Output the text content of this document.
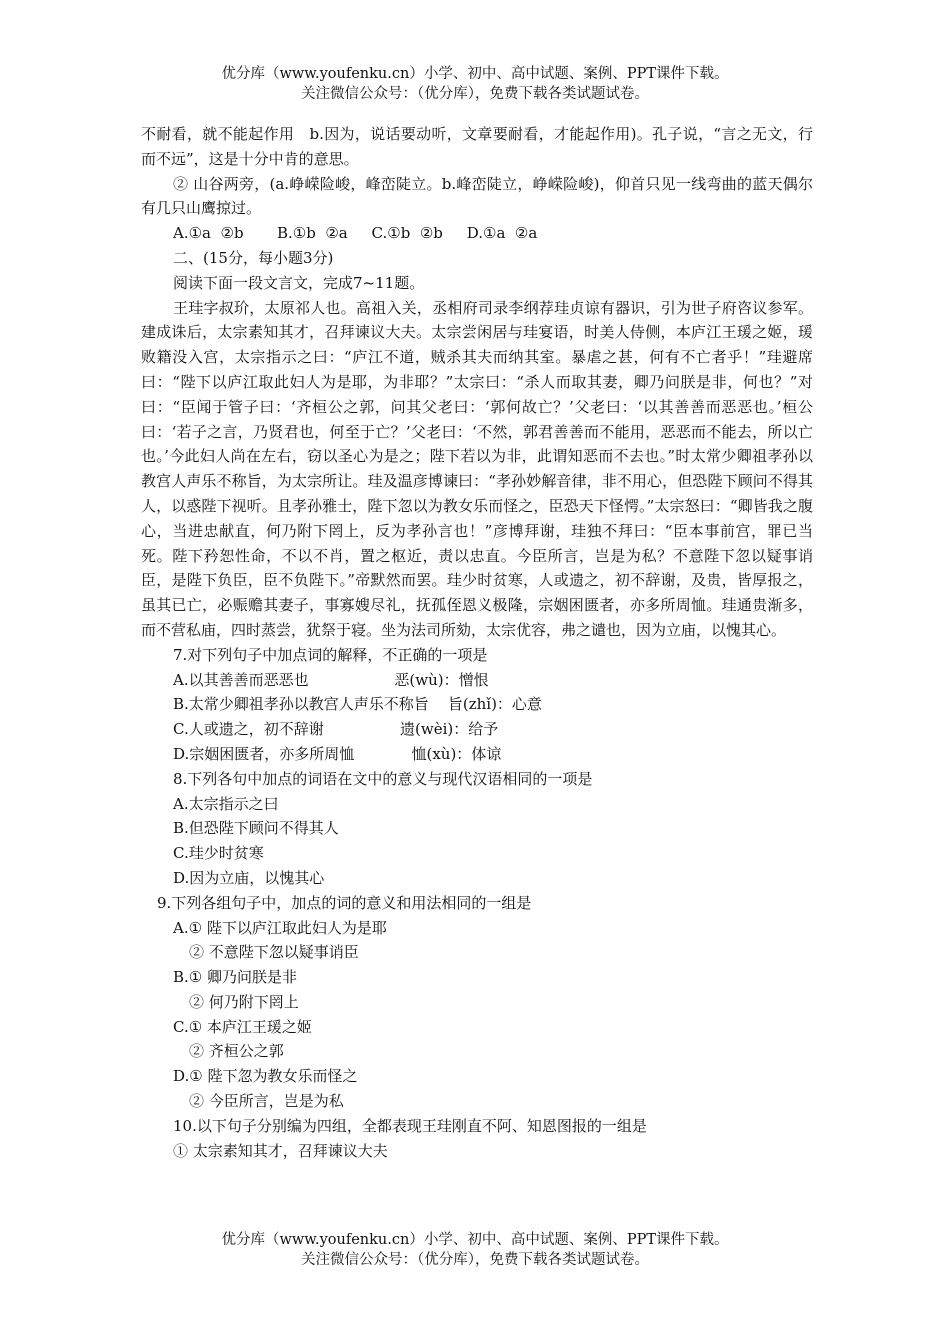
优分库（www.youfenku.cn）小学、初中、高中试题、案例、PPT课件下载。
关注微信公众号：（优分库），免费下载各类试题试卷。

不耐看，就不能起作用　b.因为，说话要动听，文章要耐看，才能起作用)。孔子说，“言之无文，行而不远”，这是十分中肯的意思。

② 山谷两旁，(a.峥嵘险峻，峰峦陡立。b.峰峦陡立，峥嵘险峻)，仰首只见一线弯曲的蓝天偶尔有几只山鹰掠过。

A.①a  ②b       B.①b  ②a     C.①b  ②b     D.①a  ②a

二、(15分，每小题3分)

阅读下面一段文言文，完成7~11题。

王珪字叔玠，太原祁人也。高祖入关，丞相府司录李纲荐珪贞谅有器识，引为世子府咨议参军。建成诛后，太宗素知其才，召拜谏议大夫。太宗尝闲居与珪宴语，时美人侍侧，本庐江王瑗之姬，瑗败籍没入宫，太宗指示之曰：“庐江不道，贼杀其夫而纳其室。暴虐之甚，何有不亡者乎！”珪避席曰：“陛下以庐江取此妇人为是耶，为非耶？”太宗曰：“杀人而取其妻，卿乃问朕是非，何也？”对曰：“臣闻于管子曰：‘齐桓公之郭，问其父老曰：‘郭何故亡？’父老曰：‘以其善善而恶恶也。’桓公曰：‘若子之言，乃贤君也，何至于亡？’父老曰：‘不然，郭君善善而不能用，恶恶而不能去，所以亡也。’今此妇人尚在左右，窃以圣心为是之；陛下若以为非，此谓知恶而不去也。”时太常少卿祖孝孙以教宫人声乐不称旨，为太宗所让。珪及温彦博谏曰：“孝孙妙解音律，非不用心，但恐陛下顾问不得其人，以惑陛下视听。且孝孙雅士，陛下忽以为教女乐而怪之，臣恐天下怪愕。”太宗怒曰：“卿皆我之腹心，当进忠献直，何乃附下罔上，反为孝孙言也！”彦博拜谢，珪独不拜曰：“臣本事前宫，罪已当死。陛下矜恕性命，不以不肖，置之枢近，责以忠直。今臣所言，岂是为私？不意陛下忽以疑事诮臣，是陛下负臣，臣不负陛下。”帝默然而罢。珪少时贫寒，人或遗之，初不辞谢，及贵，皆厚报之，虽其已亡，必赈赡其妻子，事寡嫂尽礼，抚孤侄恩义极隆，宗姻困匮者，亦多所周恤。珪通贵渐多，而不营私庙，四时蒸尝，犹祭于寝。坐为法司所劾，太宗优容，弗之谴也，因为立庙，以愧其心。

7.对下列句子中加点词的解释，不正确的一项是

A.以其善善而恶恶也                  恶(wù)：憎恨

B.太常少卿祖孝孙以教宫人声乐不称旨    旨(zhǐ)：心意

C.人或遗之，初不辞谢                遗(wèi)：给予

D.宗姻困匮者，亦多所周恤            恤(xù)：体谅

8.下列各句中加点的词语在文中的意义与现代汉语相同的一项是

A.太宗指示之曰

B.但恐陛下顾问不得其人

C.珪少时贫寒

D.因为立庙，以愧其心

9.下列各组句子中，加点的词的意义和用法相同的一组是

A.① 陛下以庐江取此妇人为是耶

② 不意陛下忽以疑事诮臣

B.① 卿乃问朕是非

② 何乃附下罔上

C.① 本庐江王瑗之姬

② 齐桓公之郭

D.① 陛下忽为教女乐而怪之

② 今臣所言，岂是为私

10.以下句子分别编为四组，全都表现王珪刚直不阿、知恩图报的一组是

① 太宗素知其才，召拜谏议大夫

优分库（www.youfenku.cn）小学、初中、高中试题、案例、PPT课件下载。
关注微信公众号：（优分库），免费下载各类试题试卷。
